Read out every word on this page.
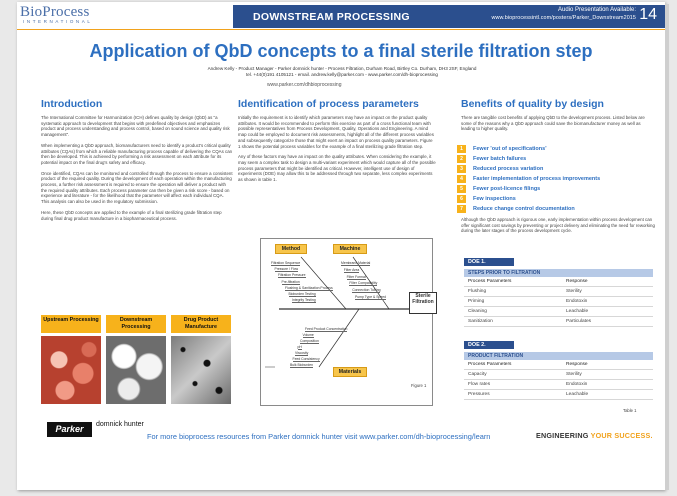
BioProcess
INTERNATIONAL	DOWNSTREAM PROCESSING
Audio Presentation Available:
www.bioprocessintl.com/posters/Parker_Downstream2015 14
Application of QbD concepts to a final sterile filtration step
Andrew Kelly - Product Manager - Parker domnick hunter - Process Filtration, Durham Road, Birtley Co. Durham, DH3 2SF, England
tel. +44(0)191 4105121 - email. andrew.kelly@parker.com - www.parker.com/dh-bioprocessing
www.parker.com/dhbioprocessing
Introduction

The International Committee for Harmonization (ICH) defines quality by design (QbD) as "a systematic approach to development that begins with predefined objectives and emphasizes product and process understanding and process control, based on sound science and quality risk management".

When implementing a QbD approach, biomanufacturers need to identify a product's critical quality attributes (CQAs) from which a reliable manufacturing process capable of delivering the CQAs can then be developed. This is achieved by performing a risk assessment on each attribute for its potential impact on the final drug's safety and efficacy.

Once identified, CQAs can be monitored and controlled through the process to ensure a consistent product of the required quality. During the development of each operation within the manufacturing process, a further risk assessment is required to ensure the operation will deliver a product with the required quality attributes. Each process parameter can then be given a risk score - based on experience and literature - for the likelihood that the parameter will affect each individual CQA. This analysis can also be used in the regulatory submission.

Here, these QbD concepts are applied to the example of a final sterilizing grade filtration step during final drug product manufacture in a biopharmaceutical process.

Upstream Processing	Downstream Processing
Drug Product Manufacture
Parker	domnick hunter
Identification of process parameters

Initially the requirement is to identify which parameters may have an impact on the product quality attributes. It would be recommended to perform this exercise as part of a cross functional team with possible representatives from Process Development, Quality, Operations and Engineering. A mind map could be employed to document risk assessments, highlight all of the different process variables and subsequently categorize those that might exert an impact on process quality parameters. Figure 1 shows the potential process variables for the example of a final sterilizing grade filtration step.

Any of these factors may have an impact on the quality attributes. When considering the example, it may seem a complex task to design a multi-variant experiment which would capture all of the possible process parameters that might be identified as critical. However, intelligent use of design of experiments (DOE) may allow this to be addressed through two separate, less complex experiments as shown in table 1.

Method	Machine
Materials
Sterile Filtration
Figure 1
Filtration Sequence
Pressure / Flow
Filtration Pressure
Pre-filtration
Flushing & Sanitization Process
Bioburden Testing
Integrity Testing
Membrane Material
Filter Area
Filter Format
Filter Compatibility
Connection Tubing
Pump Type & Speed
Feed Product Concentration
Volume
Composition
pH
Viscosity
Feed Consistency
Bulk Bioburden
Benefits of quality by design
There are tangible cost benefits of applying QbD to the development process. Listed below are some of the reasons why a QbD approach could save the biomanufacturer money as well as leading to higher quality.
1	Fewer 'out of specifications'
2	Fewer batch failures
3	Reduced process variation
4	Faster implementation of process improvements
5	Fewer post-licence filings
6	Few inspections
7	Reduce change control documentation
Although the QbD approach is rigorous one, early implementation within process development can offer significant cost savings by preventing or project delivery and eliminating the need for reworking during the later stages of the process development cycle.
DOE 1.
STEPS PRIOR TO FILTRATION
Process Parameters	Response
Flushing	Sterility
Priming	Endotoxin
Cleaning	Leachable
Sanitization	Particulates
DOE 2.
PRODUCT FILTRATION
Process Parameters	Response
Capacity	Sterility
Flow rates	Endotoxin
Pressures	Leachable
Table 1
For more bioprocess resources from Parker domnick hunter visit www.parker.com/dh-bioprocessing/learn	ENGINEERING YOUR SUCCESS.
